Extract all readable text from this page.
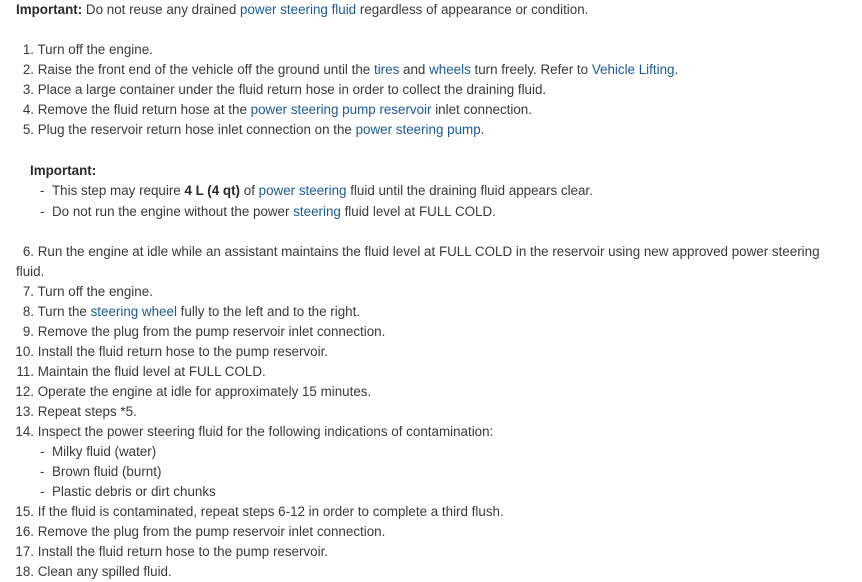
Important: Do not reuse any drained power steering fluid regardless of appearance or condition.
1. Turn off the engine.
2. Raise the front end of the vehicle off the ground until the tires and wheels turn freely. Refer to Vehicle Lifting.
3. Place a large container under the fluid return hose in order to collect the draining fluid.
4. Remove the fluid return hose at the power steering pump reservoir inlet connection.
5. Plug the reservoir return hose inlet connection on the power steering pump.
Important:
- This step may require 4 L (4 qt) of power steering fluid until the draining fluid appears clear.
- Do not run the engine without the power steering fluid level at FULL COLD.
6. Run the engine at idle while an assistant maintains the fluid level at FULL COLD in the reservoir using new approved power steering
fluid.
7. Turn off the engine.
8. Turn the steering wheel fully to the left and to the right.
9. Remove the plug from the pump reservoir inlet connection.
10. Install the fluid return hose to the pump reservoir.
11. Maintain the fluid level at FULL COLD.
12. Operate the engine at idle for approximately 15 minutes.
13. Repeat steps *5.
14. Inspect the power steering fluid for the following indications of contamination:
- Milky fluid (water)
- Brown fluid (burnt)
- Plastic debris or dirt chunks
15. If the fluid is contaminated, repeat steps 6-12 in order to complete a third flush.
16. Remove the plug from the pump reservoir inlet connection.
17. Install the fluid return hose to the pump reservoir.
18. Clean any spilled fluid.
